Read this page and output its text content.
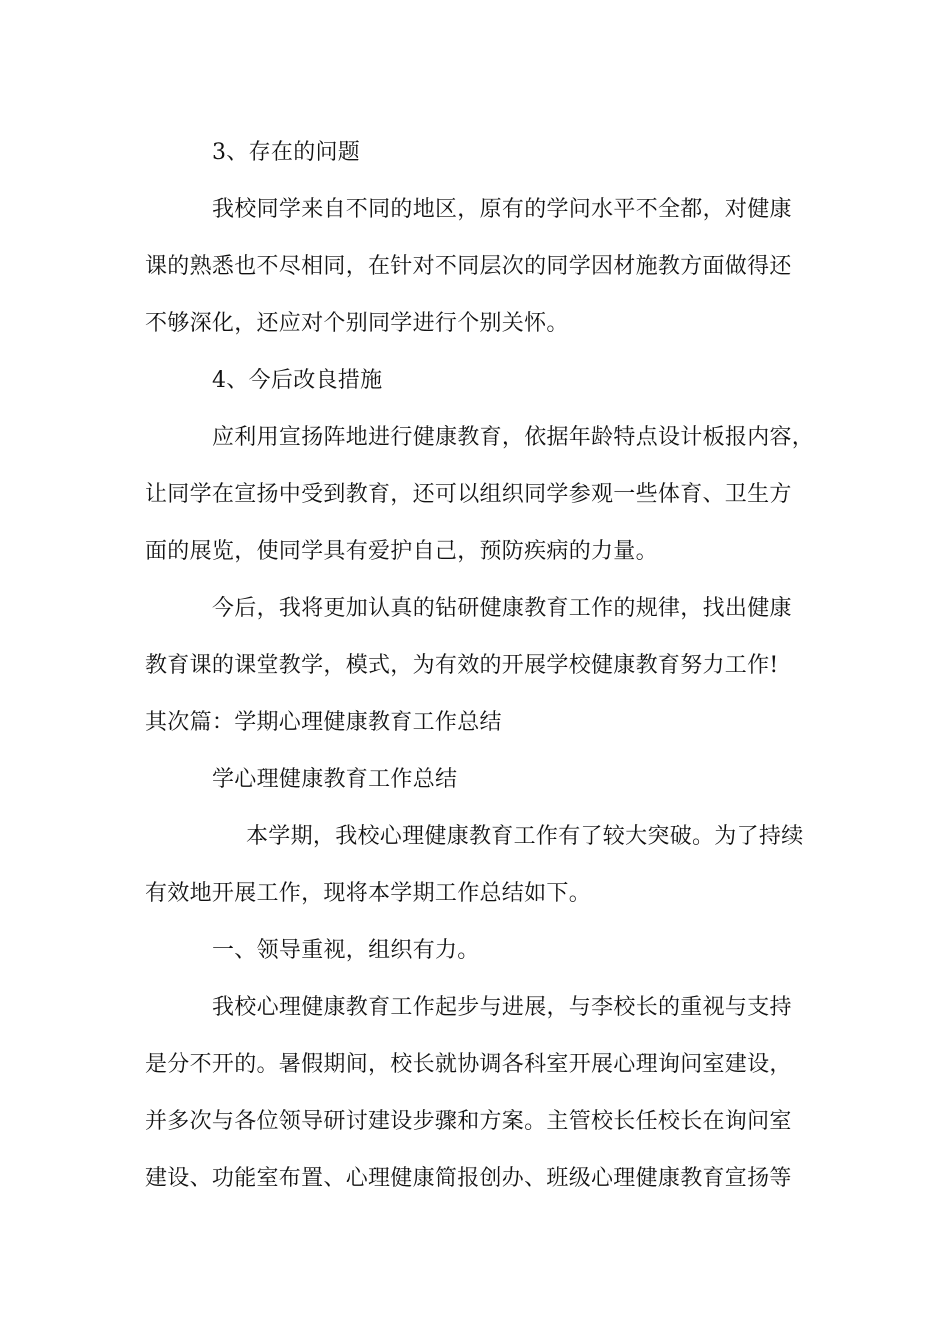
3、存在的问题
我校同学来自不同的地区，原有的学问水平不全都，对健康
课的熟悉也不尽相同，在针对不同层次的同学因材施教方面做得还
不够深化，还应对个别同学进行个别关怀。
4、今后改良措施
应利用宣扬阵地进行健康教育，依据年龄特点设计板报内容，
让同学在宣扬中受到教育，还可以组织同学参观一些体育、卫生方
面的展览，使同学具有爱护自己，预防疾病的力量。
今后，我将更加认真的钻研健康教育工作的规律，找出健康
教育课的课堂教学，模式，为有效的开展学校健康教育努力工作!
其次篇：学期心理健康教育工作总结
学心理健康教育工作总结
本学期，我校心理健康教育工作有了较大突破。为了持续
有效地开展工作，现将本学期工作总结如下。
一、领导重视，组织有力。
我校心理健康教育工作起步与进展，与李校长的重视与支持
是分不开的。暑假期间，校长就协调各科室开展心理询问室建设，
并多次与各位领导研讨建设步骤和方案。主管校长任校长在询问室
建设、功能室布置、心理健康简报创办、班级心理健康教育宣扬等
